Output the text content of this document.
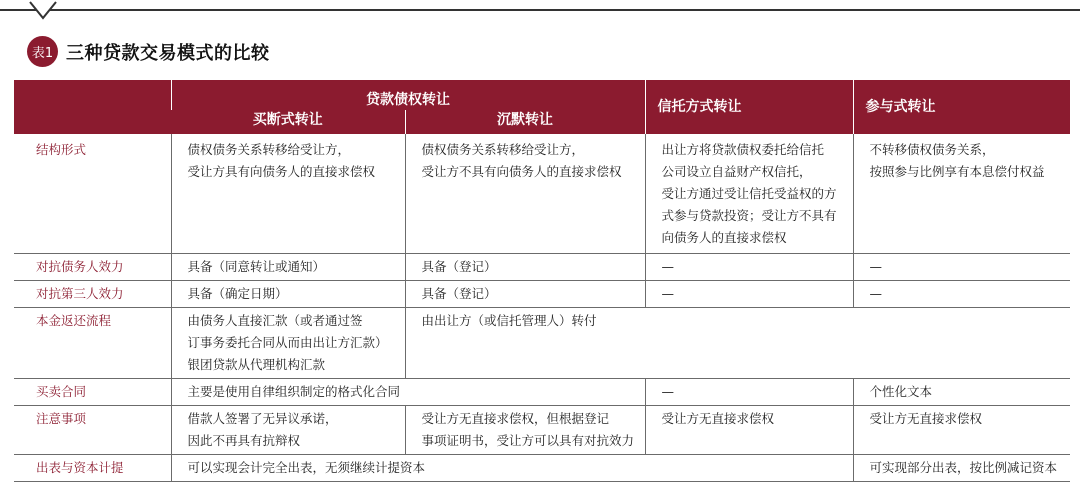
表1 三种贷款交易模式的比较
	贷款债权转让		信托方式转让	参与式转让
	买断式转让	沉默转让		
结构形式	债权债务关系转移给受让方，
受让方具有向债务人的直接求偿权	债权债务关系转移给受让方，
受让方不具有向债务人的直接求偿权	出让方将贷款债权委托给信托
公司设立自益财产权信托，
受让方通过受让信托受益权的方
式参与贷款投资；受让方不具有
向债务人的直接求偿权	不转移债权债务关系，
按照参与比例享有本息偿付权益

对抗债务人效力	具备（同意转让或通知）	具备（登记）	—	—

对抗第三人效力	具备（确定日期）	具备（登记）	—	—

本金返还流程	由债务人直接汇款（或者通过签
订事务委托合同从而由出让方汇款）
银团贷款从代理机构汇款	由出让方（或信托管理人）转付		

买卖合同	主要是使用自律组织制定的格式化合同		—	个性化文本

注意事项	借款人签署了无异议承诺，
因此不再具有抗辩权	受让方无直接求偿权，但根据登记
事项证明书，受让方可以具有对抗效力	受让方无直接求偿权	受让方无直接求偿权

出表与资本计提	可以实现会计完全出表，无须继续计提资本			可实现部分出表，按比例减记资本
